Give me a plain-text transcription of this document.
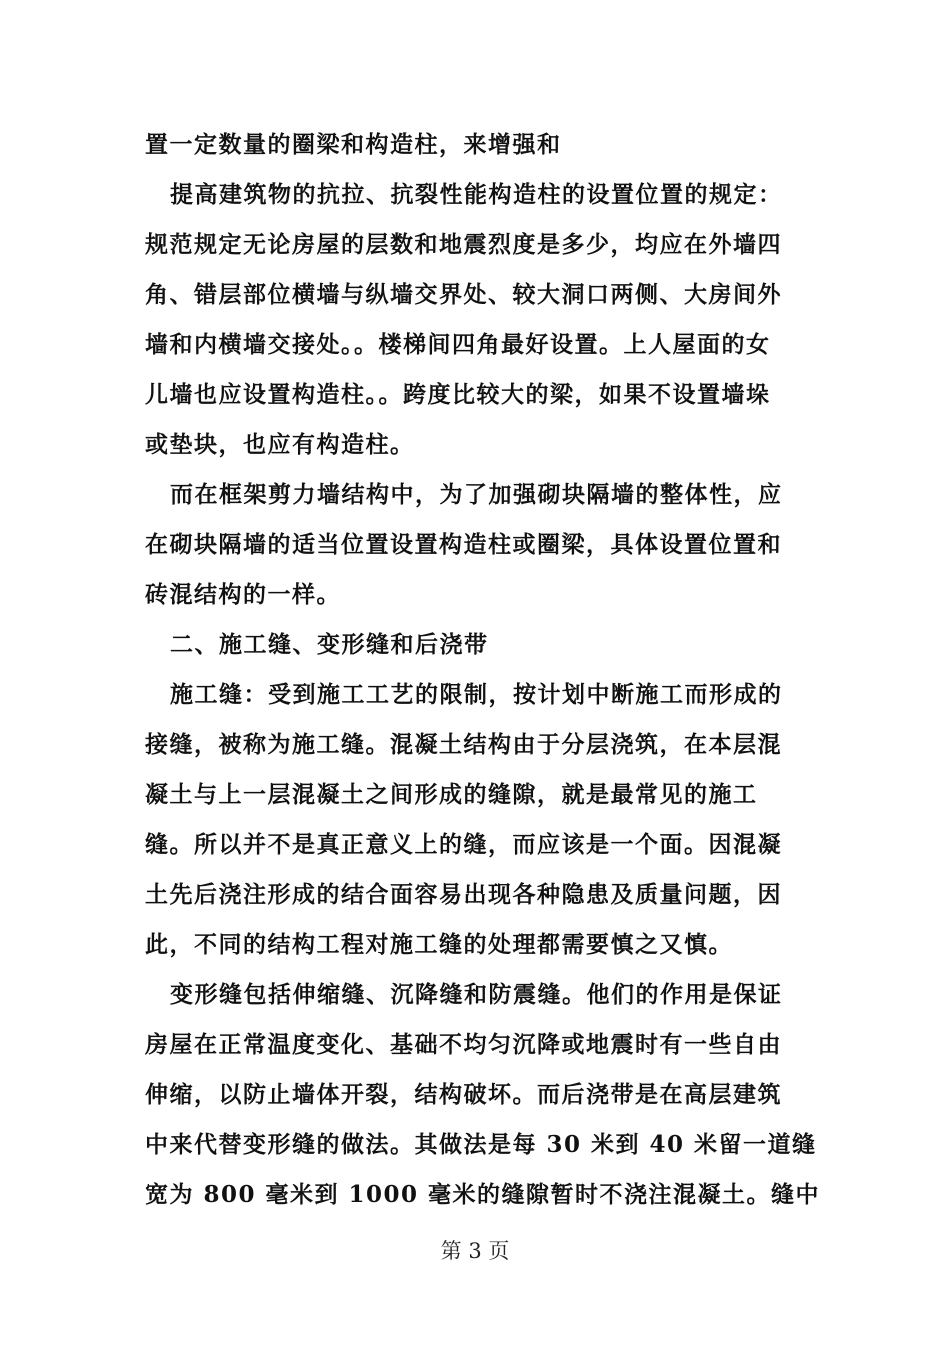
置一定数量的圈梁和构造柱，来增强和
提高建筑物的抗拉、抗裂性能构造柱的设置位置的规定：
规范规定无论房屋的层数和地震烈度是多少，均应在外墙四
角、错层部位横墙与纵墙交界处、较大洞口两侧、大房间外
墙和内横墙交接处。。楼梯间四角最好设置。上人屋面的女
儿墙也应设置构造柱。。跨度比较大的梁，如果不设置墙垛
或垫块，也应有构造柱。
而在框架剪力墙结构中，为了加强砌块隔墙的整体性，应
在砌块隔墙的适当位置设置构造柱或圈梁，具体设置位置和
砖混结构的一样。
二、施工缝、变形缝和后浇带
施工缝：受到施工工艺的限制，按计划中断施工而形成的
接缝，被称为施工缝。混凝土结构由于分层浇筑，在本层混
凝土与上一层混凝土之间形成的缝隙，就是最常见的施工
缝。所以并不是真正意义上的缝，而应该是一个面。因混凝
土先后浇注形成的结合面容易出现各种隐患及质量问题，因
此，不同的结构工程对施工缝的处理都需要慎之又慎。
变形缝包括伸缩缝、沉降缝和防震缝。他们的作用是保证
房屋在正常温度变化、基础不均匀沉降或地震时有一些自由
伸缩，以防止墙体开裂，结构破坏。而后浇带是在高层建筑
中来代替变形缝的做法。其做法是每 30 米到 40 米留一道缝
宽为 800 毫米到 1000 毫米的缝隙暂时不浇注混凝土。缝中
第 3 页
